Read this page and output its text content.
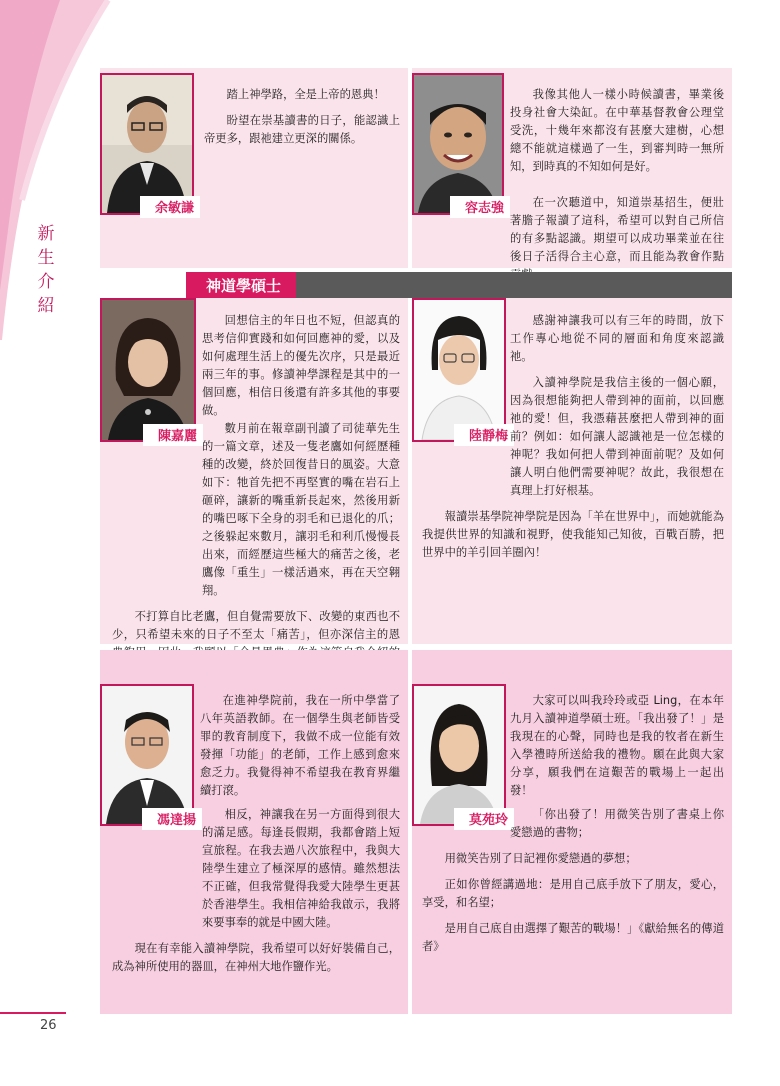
新
生
介
紹
余敏謙

踏上神學路，全是上帝的恩典！

盼望在崇基讀書的日子，能認識上帝更多，跟祂建立更深的關係。

容志強

我像其他人一樣小時候讀書，畢業後投身社會大染缸。在中華基督教會公理堂受洗，十幾年來都沒有甚麼大建樹，心想總不能就這樣過了一生，到審判時一無所知，到時真的不知如何是好。

在一次聽道中，知道崇基招生，便壯著膽子報讀了這科，希望可以對自己所信的有多點認識。期望可以成功畢業並在往後日子活得合主心意，而且能為教會作點

神道學碩士
陳嘉麗

回想信主的年日也不短，但認真的思考信仰實踐和如何回應神的愛，以及如何處理生活上的優先次序，只是最近兩三年的事。修讀神學課程是其中的一個回應，相信日後還有許多其他的事要做。

數月前在報章副刊讀了司徒華先生的一篇文章，述及一隻老鷹如何經歷種種的改變，終於回復昔日的風姿。大意如下：牠首先把不再堅實的嘴在岩石上砸碎，讓新的嘴重新長起來，然後用新的嘴巴啄下全身的羽毛和已退化的爪；之後躲起來數月，讓羽毛和利爪慢慢長出來，而經歷這些極大的痛苦之後，老鷹像「重生」一樣活過來，再在天空翱翔。

不打算自比老鷹，但自覺需要放下、改變的東西也不少，只希望未來的日子不至太「痛苦」，但亦深信主的恩

陸靜梅

感謝神讓我可以有三年的時間，放下工作專心地從不同的層面和角度來認識祂。

入讀神學院是我信主後的一個心願，因為很想能夠把人帶到神的面前，以回應祂的愛！但，我憑藉甚麼把人帶到神的面前？例如：如何讓人認識祂是一位怎樣的神呢？我如何把人帶到神面前呢？及如何讓人明白他們需要神呢？故此，我很想在真理上打好根基。

報讀崇基學院神學院是因為「羊在世界中」，而她就能為我提供世界的知識和視野，使我能知己知彼，百戰百勝，把世界中的羊引回羊圈內！

馮達揚

在進神學院前，我在一所中學當了八年英語教師。在一個學生與老師皆受罪的教育制度下，我做不成一位能有效發揮「功能」的老師，工作上感到愈來愈乏力。我覺得神不希望我在教育界繼續打滾。

相反，神讓我在另一方面得到很大的滿足感。每逢長假期，我都會踏上短宣旅程。在我去過八次旅程中，我與大陸學生建立了極深厚的感情。雖然想法不正確，但我常覺得我愛大陸學生更甚於香港學生。我相信神給我啟示，我將來要事奉的就是中國大陸。

現在有幸能入讀神學院，我希望可以好好裝備自己，成為神所使用的器皿，在神州大地作鹽作光。

莫苑玲

大家可以叫我玲玲或亞 Ling，在本年九月入讀神道學碩士班。「我出發了！」是我現在的心聲，同時也是我的牧者在新生入學禮時所送給我的禮物。願在此與大家分享，願我們在這艱苦的戰場上一起出發！

「你出發了！用微笑告別了書桌上你愛戀過的書物；

用微笑告別了日記裡你愛戀過的夢想；

正如你曾經講過地：是用自己底手放下了朋友，愛心，享受，和名望；

是用自己底自由選擇了艱苦的戰場！」《獻給無名的傳道者》

26
